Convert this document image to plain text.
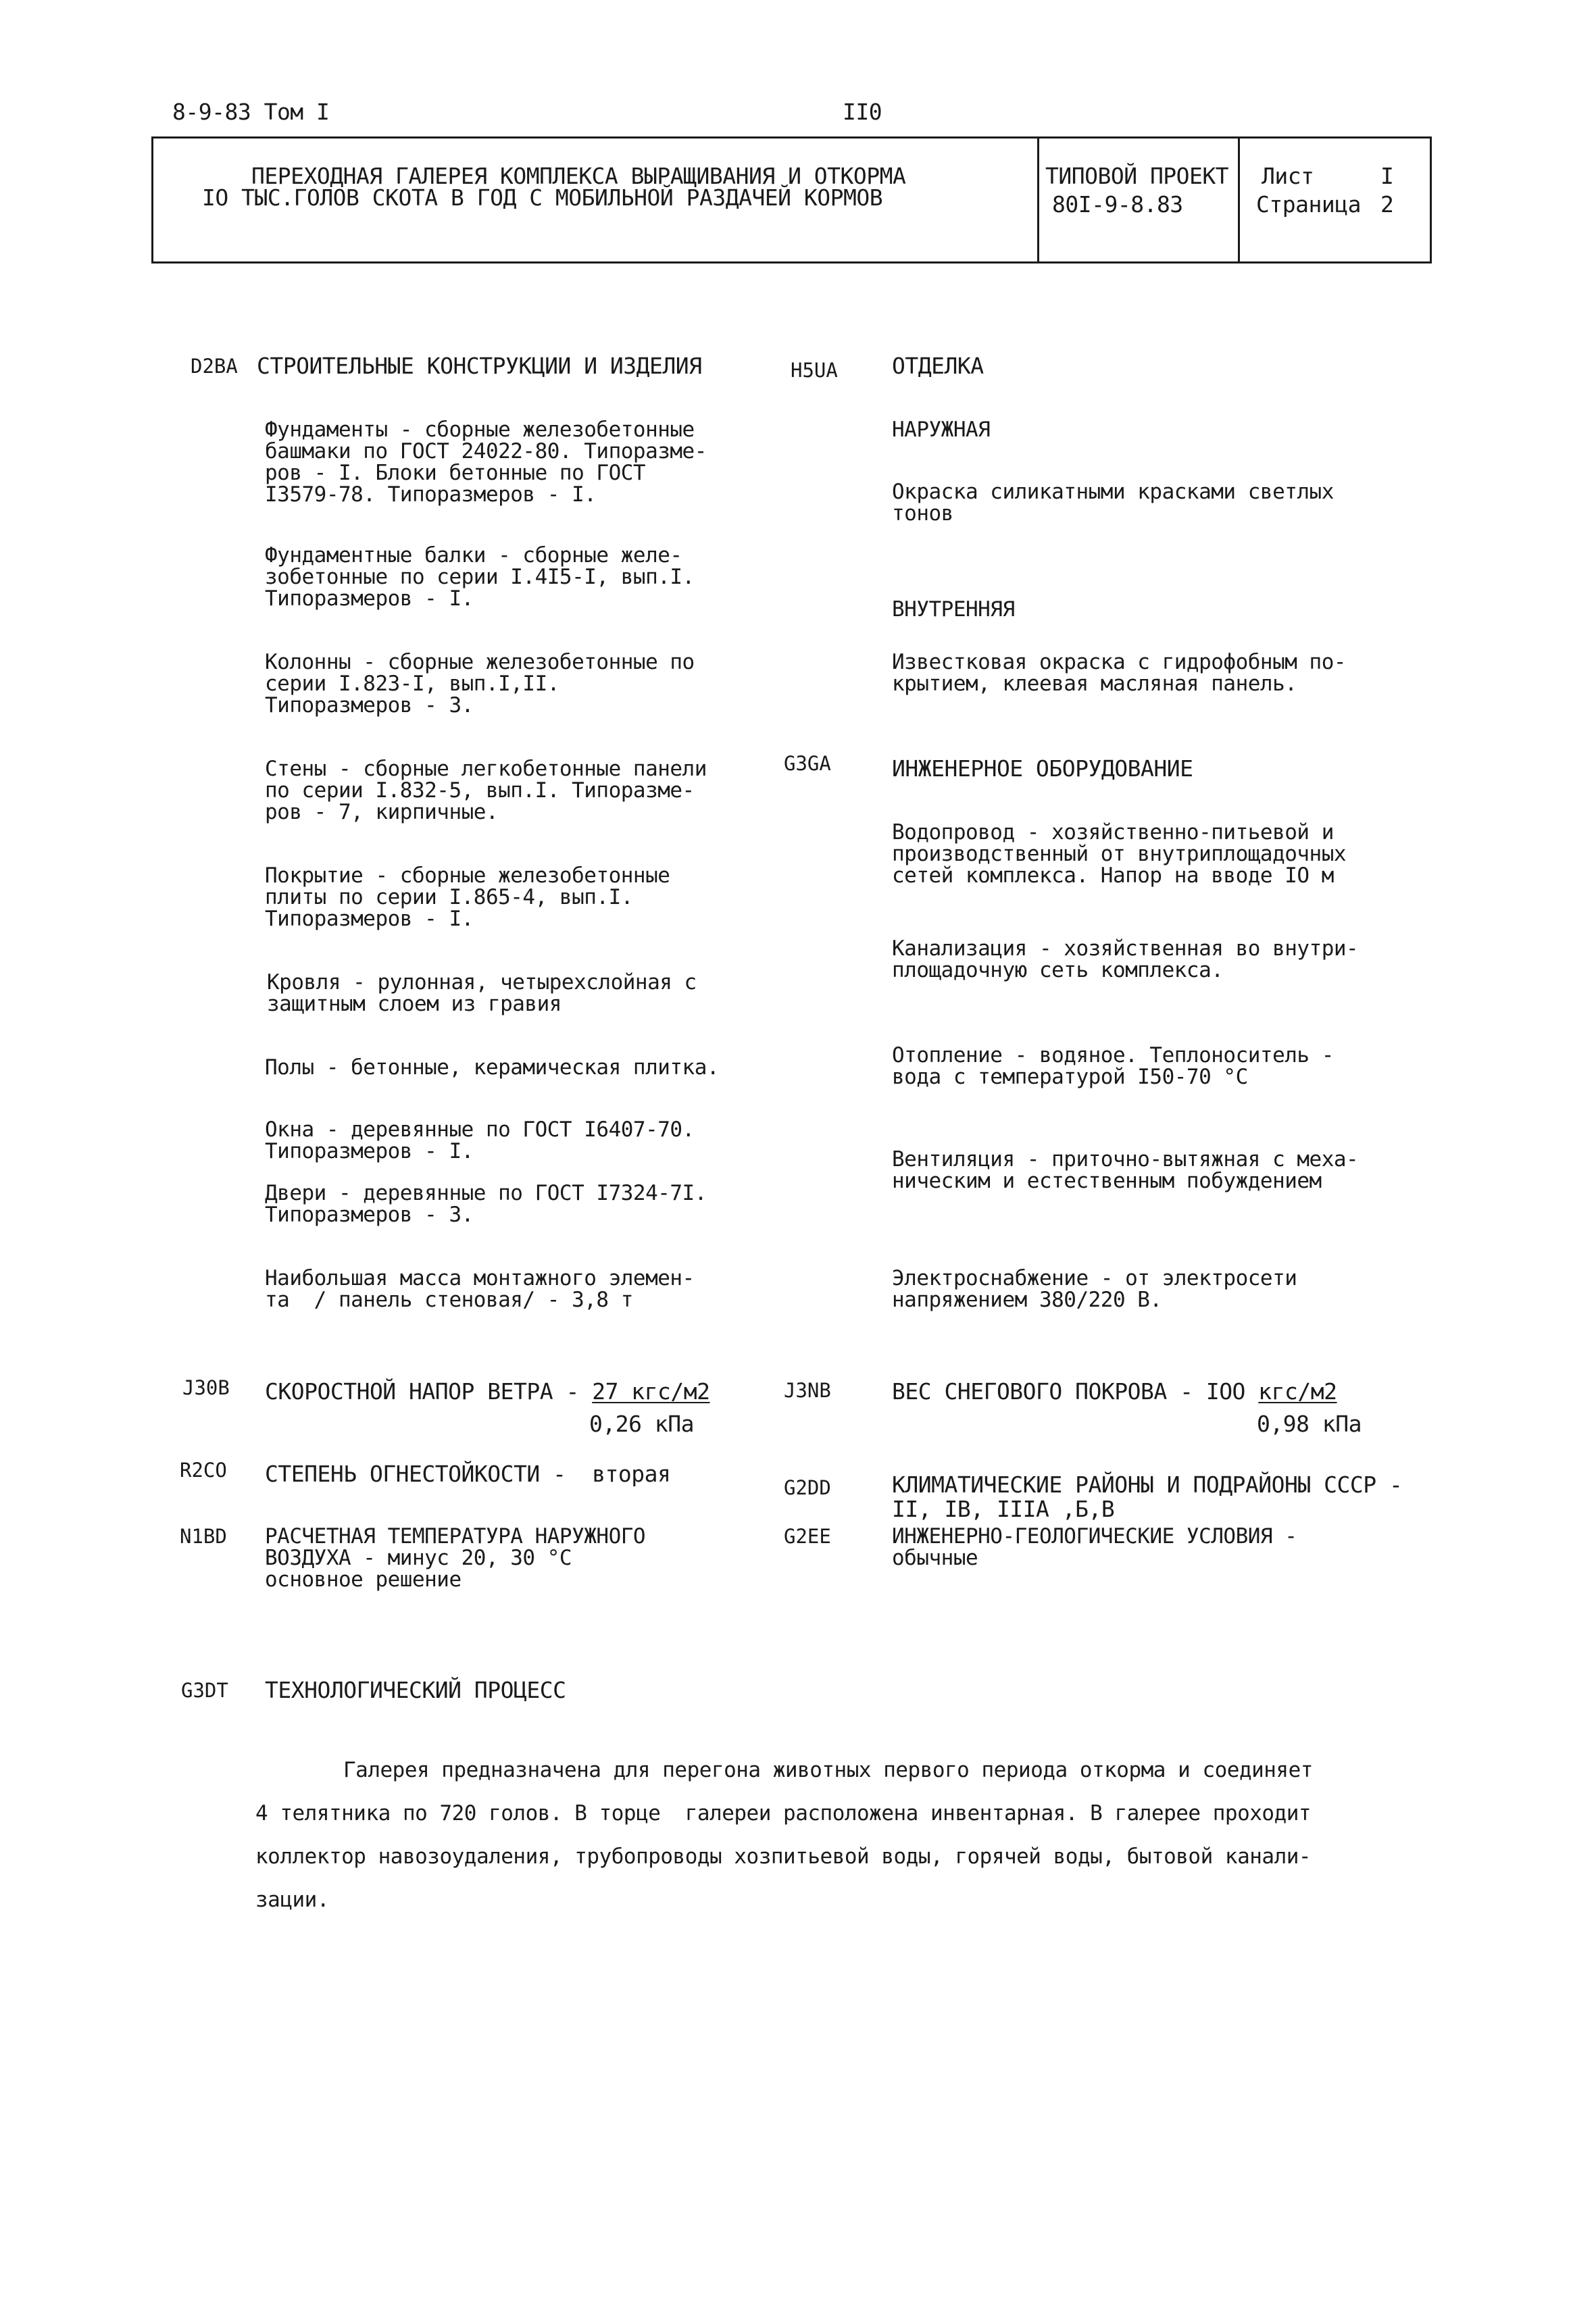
8-9-83 Том I	II0
ПЕРЕХОДНАЯ ГАЛЕРЕЯ КОМПЛЕКСА ВЫРАЩИВАНИЯ И ОТКОРМА
IO ТЫС.ГОЛОВ СКОТА В ГОД С МОБИЛЬНОЙ РАЗДАЧЕЙ КОРМОВ
ТИПОВОЙ ПРОЕКТ
80I-9-8.83
Лист	I
Страница 2
D2BA СТРОИТЕЛЬНЫЕ КОНСТРУКЦИИ И ИЗДЕЛИЯ
Фундаменты - сборные железобетонные
башмаки по ГОСТ 24022-80. Типоразме-
ров - I. Блоки бетонные по ГОСТ
I3579-78. Типоразмеров - I.
Фундаментные балки - сборные желе-
зобетонные по серии I.4I5-I, вып.I.
Типоразмеров - I.
Колонны - сборные железобетонные по
серии I.823-I, вып.I,II.
Типоразмеров - 3.
Стены - сборные легкобетонные панели
по серии I.832-5, вып.I. Типоразме-
ров - 7, кирпичные.
Покрытие - сборные железобетонные
плиты по серии I.865-4, вып.I.
Типоразмеров - I.
Кровля - рулонная, четырехслойная с
защитным слоем из гравия
Полы - бетонные, керамическая плитка.
Окна - деревянные по ГОСТ I6407-70.
Типоразмеров - I.
Двери - деревянные по ГОСТ I7324-7I.
Типоразмеров - 3.
Наибольшая масса монтажного элемен-
та  / панель стеновая/ - 3,8 т
H5UA ОТДЕЛКА
НАРУЖНАЯ
Окраска силикатными красками светлых
тонов
ВНУТРЕННЯЯ
Известковая окраска с гидрофобным по-
крытием, клеевая масляная панель.
G3GA	ИНЖЕНЕРНОЕ ОБОРУДОВАНИЕ
Водопровод - хозяйственно-питьевой и
производственный от внутриплощадочных
сетей комплекса. Напор на вводе IO м
Канализация - хозяйственная во внутри-
площадочную сеть комплекса.
Отопление - водяное. Теплоноситель -
вода с температурой I50-70 °С
Вентиляция - приточно-вытяжная с меха-
ническим и естественным побуждением
Электроснабжение - от электросети
напряжением 380/220 В.
J30B СКОРОСТНОЙ НАПОР ВЕТРА - 27 кгс/м2
0,26 кПа
J3NB	ВЕС СНЕГОВОГО ПОКРОВА - IOO кгс/м2
0,98 кПа
R2CO СТЕПЕНЬ ОГНЕСТОЙКОСТИ -  вторая
G2DD	КЛИМАТИЧЕСКИЕ РАЙОНЫ И ПОДРАЙОНЫ СССР -
II, IB, IIIA ,Б,В
N1BD РАСЧЕТНАЯ ТЕМПЕРАТУРА НАРУЖНОГО
ВОЗДУХА - минус 20, 30 °С
основное решение
G2EE	ИНЖЕНЕРНО-ГЕОЛОГИЧЕСКИЕ УСЛОВИЯ -
обычные
G3DT ТЕХНОЛОГИЧЕСКИЙ ПРОЦЕСС
Галерея предназначена для перегона животных первого периода откорма и соединяет
4 телятника по 720 голов. В торце  галереи расположена инвентарная. В галерее проходит
коллектор навозоудаления, трубопроводы хозпитьевой воды, горячей воды, бытовой канали-
зации.
